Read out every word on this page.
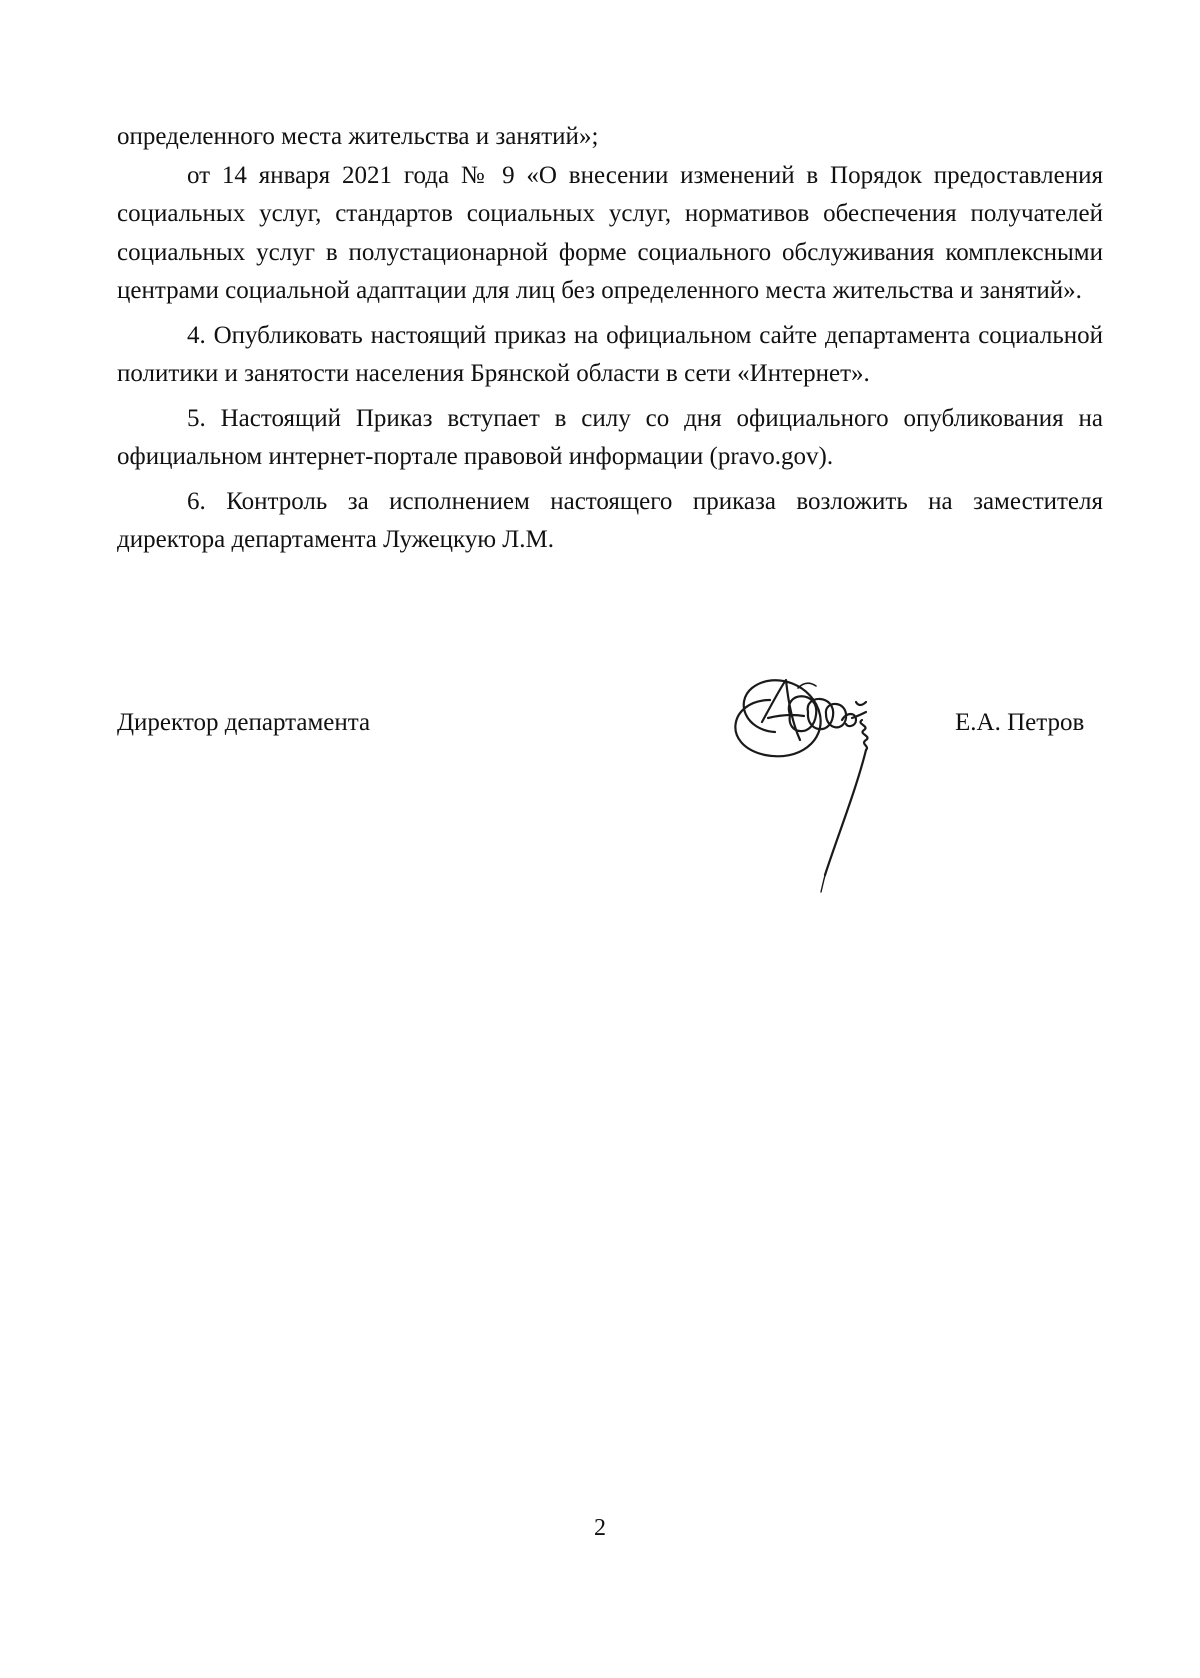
определенного места жительства и занятий»;

от 14 января 2021 года № 9 «О внесении изменений в Порядок предоставления социальных услуг, стандартов социальных услуг, нормативов обеспечения получателей социальных услуг в полустационарной форме социального обслуживания комплексными центрами социальной адаптации для лиц без определенного места жительства и занятий».

4. Опубликовать настоящий приказ на официальном сайте департамента социальной политики и занятости населения Брянской области в сети «Интернет».

5. Настоящий Приказ вступает в силу со дня официального опубликования на официальном интернет-портале правовой информации (pravo.gov).

6. Контроль за исполнением настоящего приказа возложить на заместителя директора департамента Лужецкую Л.М.

Директор департамента	Е.А. Петров
2
